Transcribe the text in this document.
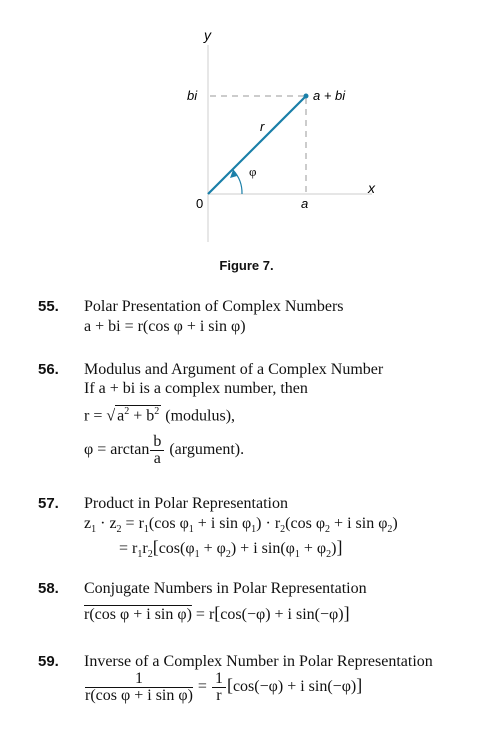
y
x
bi	a + bi
r
φ
0	a
Figure 7.
55. Polar Presentation of Complex Numbers
a + bi = r(cos φ + i sin φ)
56. Modulus and Argument of a Complex Number
If a + bi is a complex number, then
r = √ $a^2 + b^2$ (modulus),
$\varphi = \arctan \frac{b}{a}$ (argument).
57. Product in Polar Representation
$z_1 \cdot z_2 = r_1(\cos$ $\varphi_1 + i$ $\sin \varphi_1) \cdot r_2(\cos$ $\varphi_2 + i$ $\sin \varphi_2$)
= $r_1r_2[\cos(\varphi_1 + \varphi_2) + i$ $\sin(\varphi_1 + \varphi_2)$]
58. Conjugate Numbers in Polar Representation
r(cos φ + i sin φ) = r[cos(−φ) + i sin(−φ)]
59. Inverse of a Complex Number in Polar Representation
$\frac{1}{\text{r(cos φ + i sin φ)}} = \frac{1}{r} [\cos(-\varphi) + i$ sin(−φ)]
